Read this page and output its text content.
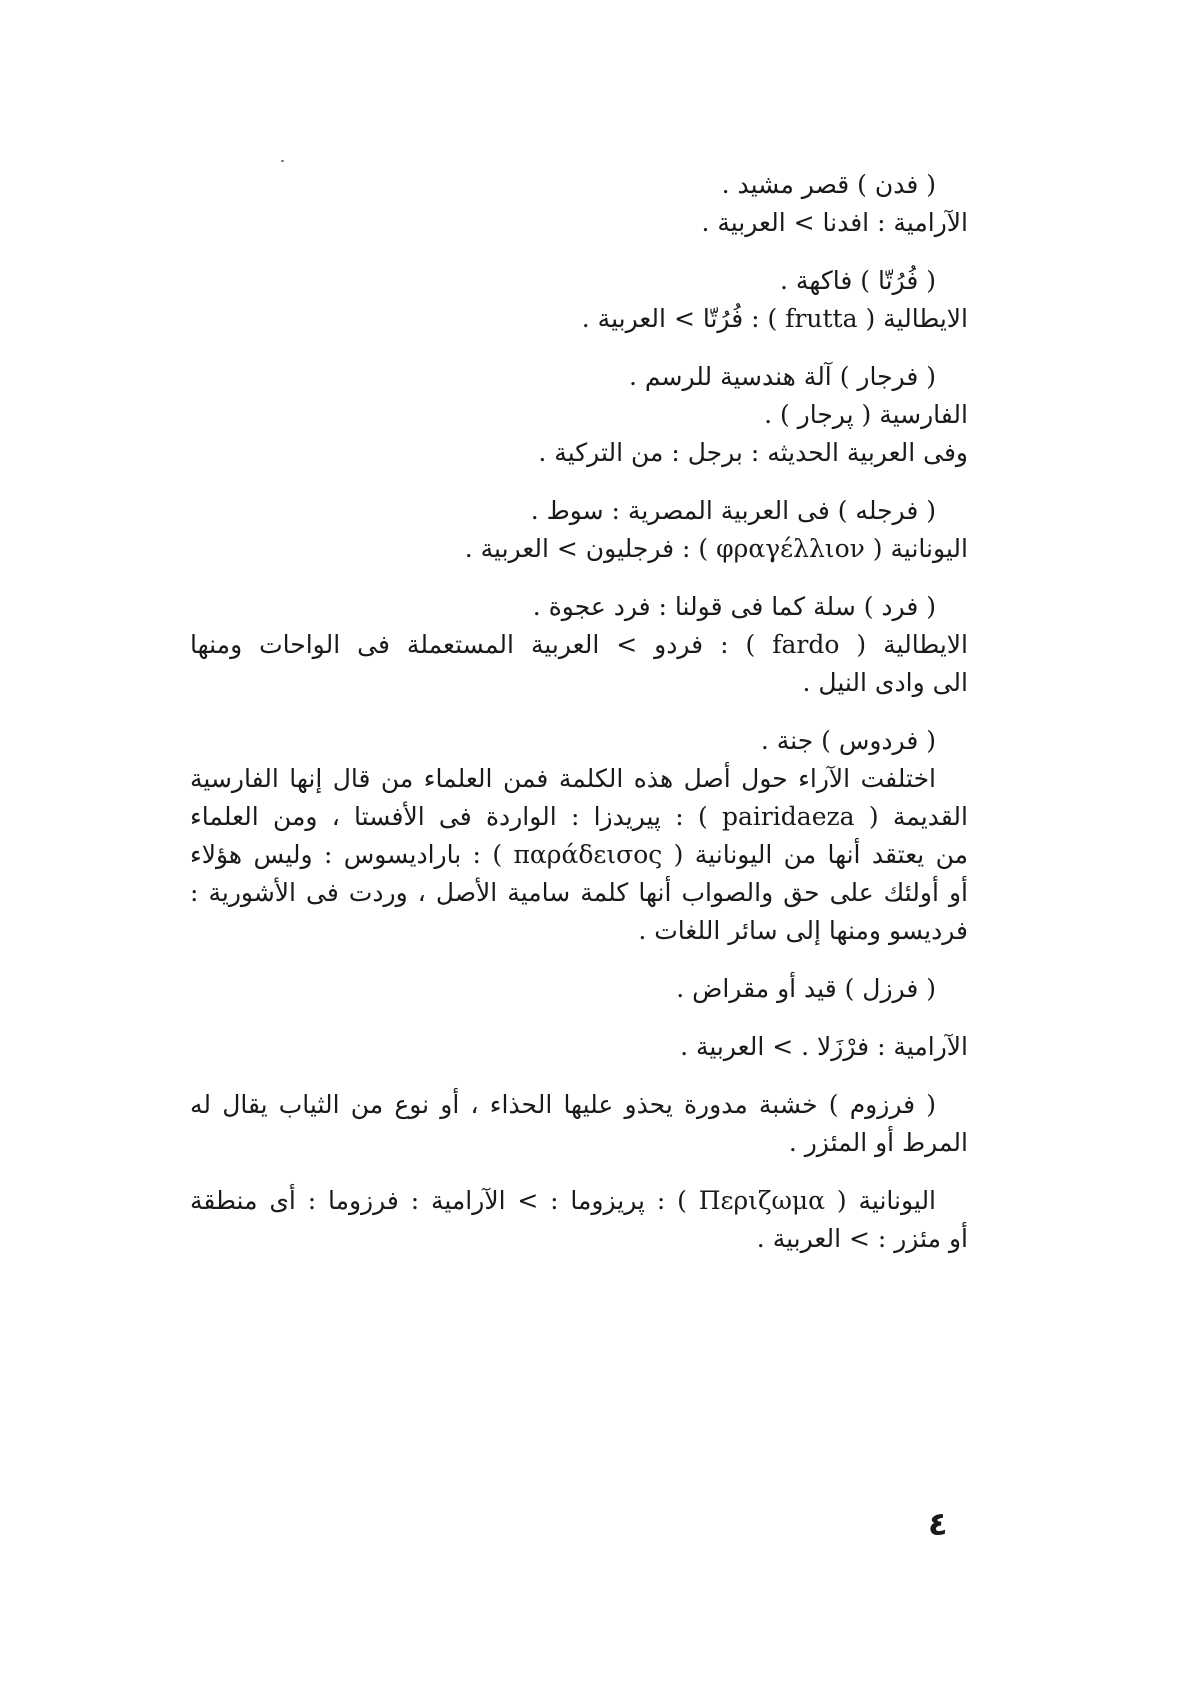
( فدن ) قصر مشيد .
الآرامية : افدنا > العربية .
( فُرُتّا ) فاكهة .
الايطالية ( frutta ) : فُرُتّا > العربية .
( فرجار ) آلة هندسية للرسم .
الفارسية ( پرجار ) .
وفى العربية الحديثه : برجل : من التركية .
( فرجله ) فى العربية المصرية : سوط .
اليونانية ( φραγέλλιον ) : فرجليون > العربية .
( فرد ) سلة كما فى قولنا : فرد عجوة .
الايطالية ( fardo ) : فردو > العربية المستعملة فى الواحات ومنها
الى وادى النيل .
( فردوس ) جنة .
اختلفت الآراء حول أصل هذه الكلمة فمن العلماء من قال إنها الفارسية
القديمة ( pairidaeza ) : پيريدزا : الواردة فى الأفستا ، ومن العلماء
من يعتقد أنها من اليونانية ( παράδεισος ) : باراديسوس : وليس هؤلاء
أو أولئك على حق والصواب أنها كلمة سامية الأصل ، وردت فى الأشورية :
فرديسو ومنها إلى سائر اللغات .
( فرزل ) قيد أو مقراض .
الآرامية : فرْزَلا . > العربية .
( فرزوم ) خشبة مدورة يحذو عليها الحذاء ، أو نوع من الثياب يقال له
المرط أو المئزر .
اليونانية ( Περιζωμα ) : پريزوما : > الآرامية : فرزوما : أى منطقة
أو مئزر : > العربية .
٤
